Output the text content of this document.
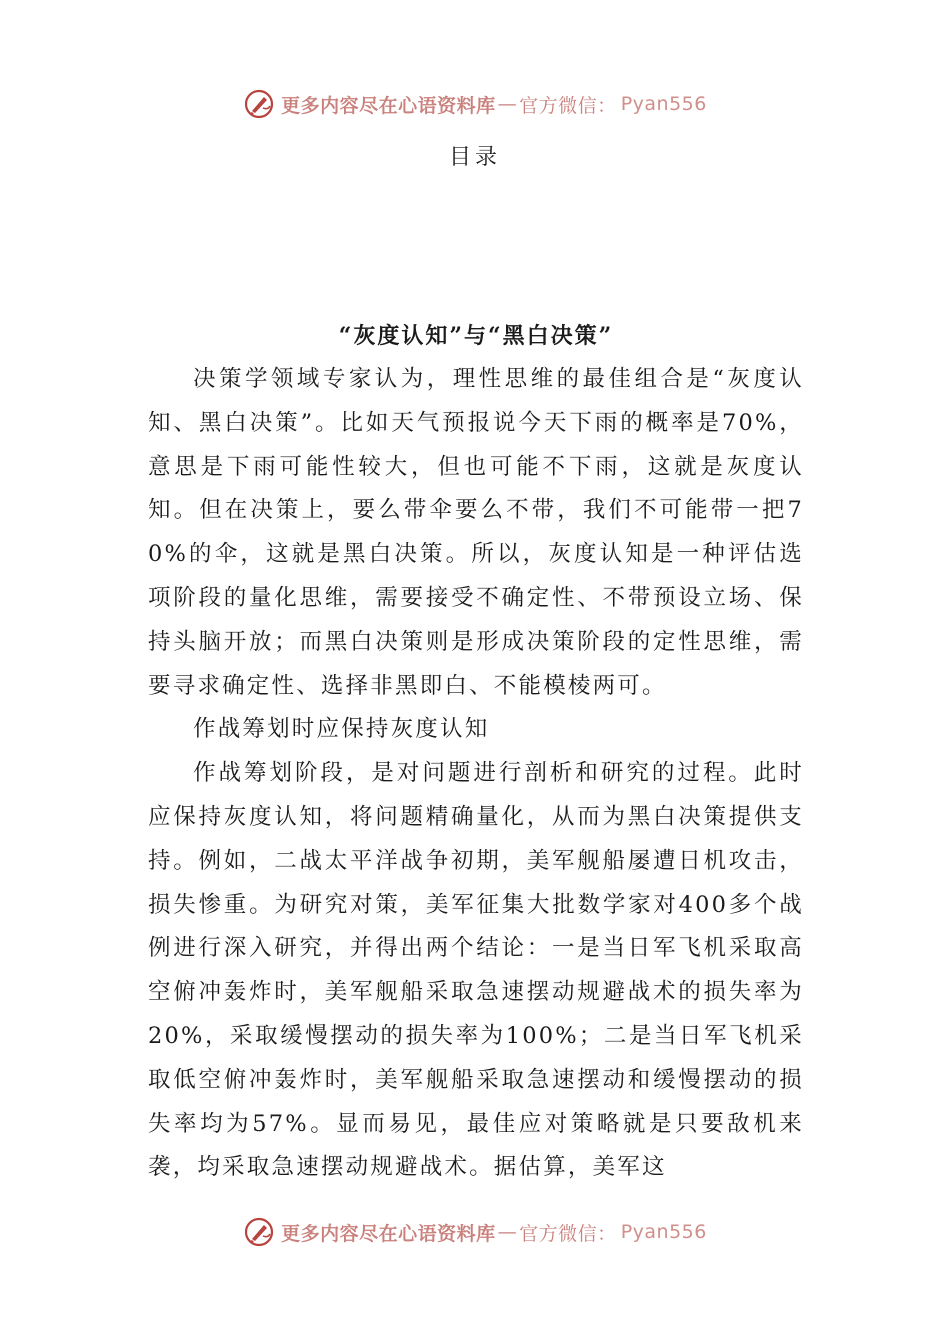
更多内容尽在心语资料库 — 官方微信： Pyan556
目录
“灰度认知”与“黑白决策”

决策学领域专家认为，理性思维的最佳组合是“灰度认知、黑白决策”。比如天气预报说今天下雨的概率是70%，意思是下雨可能性较大，但也可能不下雨，这就是灰度认知。但在决策上，要么带伞要么不带，我们不可能带一把70%的伞，这就是黑白决策。所以，灰度认知是一种评估选项阶段的量化思维，需要接受不确定性、不带预设立场、保持头脑开放；而黑白决策则是形成决策阶段的定性思维，需要寻求确定性、选择非黑即白、不能模棱两可。

作战筹划时应保持灰度认知

作战筹划阶段，是对问题进行剖析和研究的过程。此时应保持灰度认知，将问题精确量化，从而为黑白决策提供支持。例如，二战太平洋战争初期，美军舰船屡遭日机攻击，损失惨重。为研究对策，美军征集大批数学家对400多个战例进行深入研究，并得出两个结论：一是当日军飞机采取高空俯冲轰炸时，美军舰船采取急速摆动规避战术的损失率为20%，采取缓慢摆动的损失率为100%；二是当日军飞机采取低空俯冲轰炸时，美军舰船采取急速摆动和缓慢摆动的损失率均为57%。显而易见，最佳应对策略就是只要敌机来袭，均采取急速摆动规避战术。据估算，美军这

更多内容尽在心语资料库 — 官方微信： Pyan556
